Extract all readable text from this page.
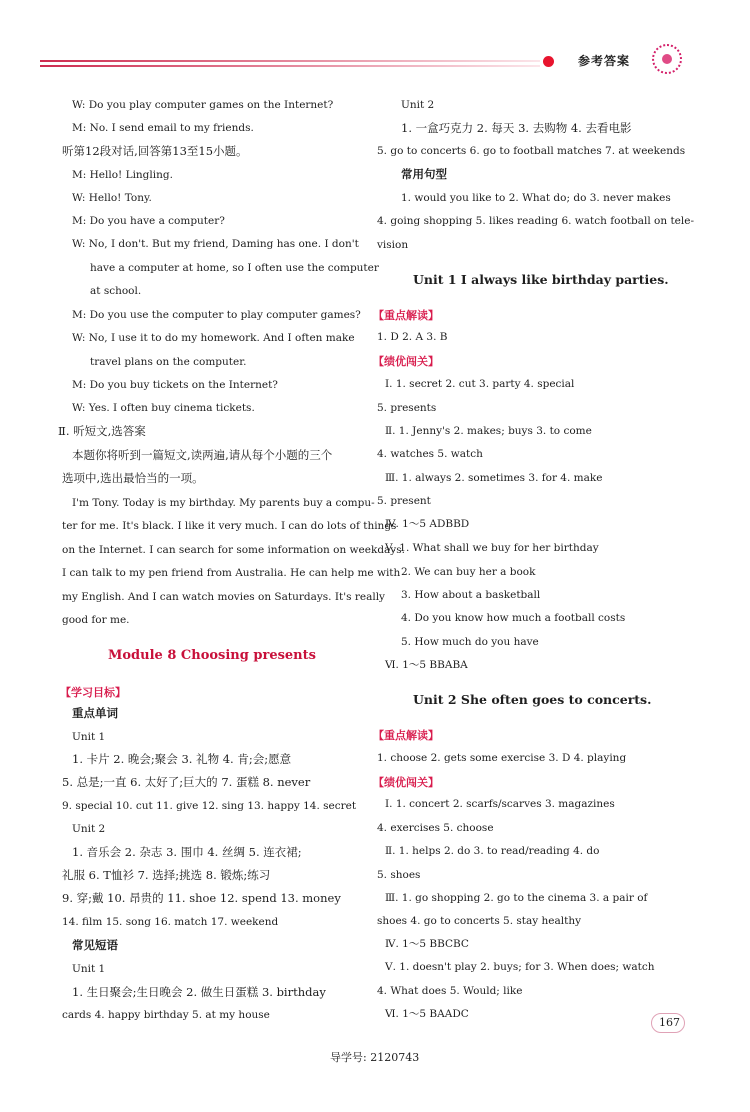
参考答案
W: Do you play computer games on the Internet?
M: No. I send email to my friends.
听第12段对话,回答第13至15小题。
M: Hello! Lingling.
W: Hello! Tony.
M: Do you have a computer?
W: No, I don't. But my friend, Daming has one. I don't
have a computer at home, so I often use the computer
at school.
M: Do you use the computer to play computer games?
W: No, I use it to do my homework. And I often make
travel plans on the computer.
M: Do you buy tickets on the Internet?
W: Yes. I often buy cinema tickets.
Ⅱ. 听短文,选答案
本题你将听到一篇短文,读两遍,请从每个小题的三个
选项中,选出最恰当的一项。
I'm Tony. Today is my birthday. My parents buy a compu-
ter for me. It's black. I like it very much. I can do lots of things
on the Internet. I can search for some information on weekdays.
I can talk to my pen friend from Australia. He can help me with
my English. And I can watch movies on Saturdays. It's really
good for me.
Module 8 Choosing presents
【学习目标】
重点单词
Unit 1
1. 卡片 2. 晚会;聚会 3. 礼物 4. 肯;会;愿意
5. 总是;一直 6. 太好了;巨大的 7. 蛋糕 8. never
9. special 10. cut 11. give 12. sing 13. happy 14. secret
Unit 2
1. 音乐会 2. 杂志 3. 围巾 4. 丝绸 5. 连衣裙;
礼服 6. T恤衫 7. 选择;挑选 8. 锻炼;练习
9. 穿;戴 10. 昂贵的 11. shoe 12. spend 13. money
14. film 15. song 16. match 17. weekend
常见短语
Unit 1
1. 生日聚会;生日晚会 2. 做生日蛋糕 3. birthday
cards 4. happy birthday 5. at my house
Unit 2
1. 一盒巧克力 2. 每天 3. 去购物 4. 去看电影
5. go to concerts 6. go to football matches 7. at weekends
常用句型
1. would you like to 2. What do; do 3. never makes
4. going shopping 5. likes reading 6. watch football on tele-
vision
Unit 1 I always like birthday parties.
【重点解读】
1. D 2. A 3. B
【绩优闯关】
Ⅰ. 1. secret 2. cut 3. party 4. special
5. presents
Ⅱ. 1. Jenny's 2. makes; buys 3. to come
4. watches 5. watch
Ⅲ. 1. always 2. sometimes 3. for 4. make
5. present
Ⅳ. 1～5 ADBBD
Ⅴ. 1. What shall we buy for her birthday
2. We can buy her a book
3. How about a basketball
4. Do you know how much a football costs
5. How much do you have
Ⅵ. 1～5 BBABA
Unit 2 She often goes to concerts.
【重点解读】
1. choose 2. gets some exercise 3. D 4. playing
【绩优闯关】
Ⅰ. 1. concert 2. scarfs/scarves 3. magazines
4. exercises 5. choose
Ⅱ. 1. helps 2. do 3. to read/reading 4. do
5. shoes
Ⅲ. 1. go shopping 2. go to the cinema 3. a pair of
shoes 4. go to concerts 5. stay healthy
Ⅳ. 1～5 BBCBC
Ⅴ. 1. doesn't play 2. buys; for 3. When does; watch
4. What does 5. Would; like
Ⅵ. 1～5 BAADC
167
导学号: 2120743
